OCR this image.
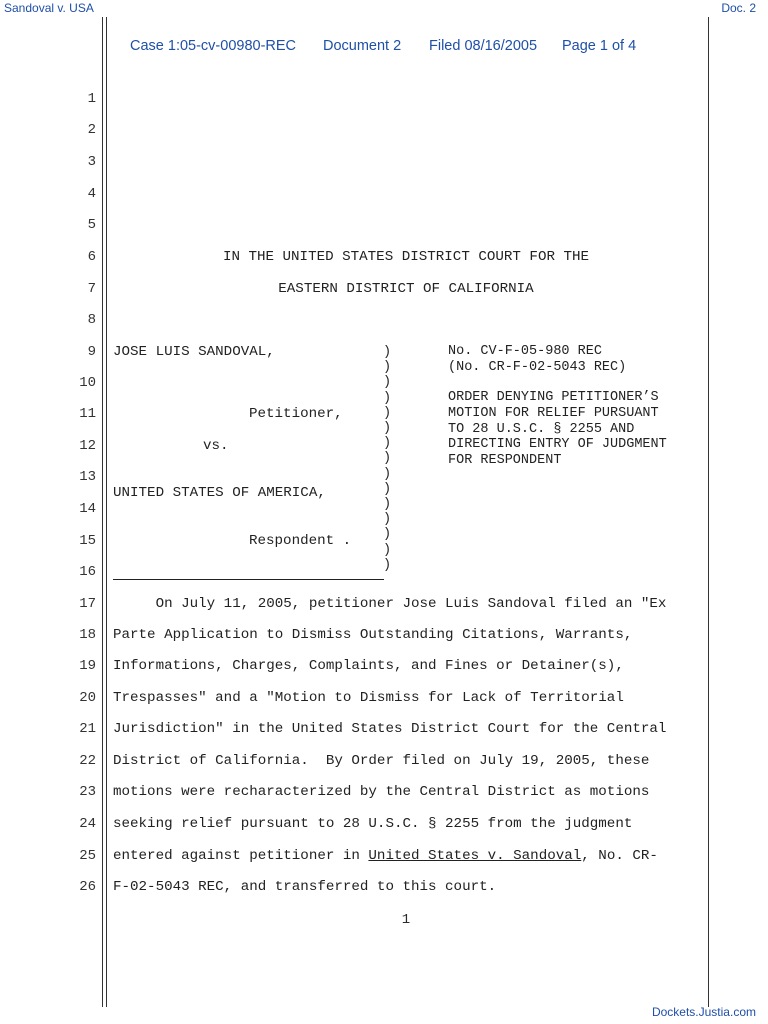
Sandoval v. USA	Doc. 2
Dockets.Justia.com
Case 1:05-cv-00980-REC Document 2 Filed 08/16/2005 Page 1 of 4
1
2
3
4
5
6
7
8
9
10
11
12
13
14
15
16
17
18
19
20
21
22
23
24
25
26
IN THE UNITED STATES DISTRICT COURT FOR THE
EASTERN DISTRICT OF CALIFORNIA
JOSE LUIS SANDOVAL,
Petitioner,
vs.
UNITED STATES OF AMERICA,
Respondent .
)
)
)
)
)
)
)
)
)
)
)
)
)
)
)
No. CV-F-05-980 REC
(No. CR-F-02-5043 REC)
ORDER DENYING PETITIONER’S
MOTION FOR RELIEF PURSUANT
TO 28 U.S.C. § 2255 AND
DIRECTING ENTRY OF JUDGMENT
FOR RESPONDENT
On July 11, 2005, petitioner Jose Luis Sandoval filed an "Ex
Parte Application to Dismiss Outstanding Citations, Warrants,
Informations, Charges, Complaints, and Fines or Detainer(s),
Trespasses" and a "Motion to Dismiss for Lack of Territorial
Jurisdiction" in the United States District Court for the Central
District of California.  By Order filed on July 19, 2005, these
motions were recharacterized by the Central District as motions
seeking relief pursuant to 28 U.S.C. § 2255 from the judgment
entered against petitioner in United States v. Sandoval, No. CR-
F-02-5043 REC, and transferred to this court.
1
